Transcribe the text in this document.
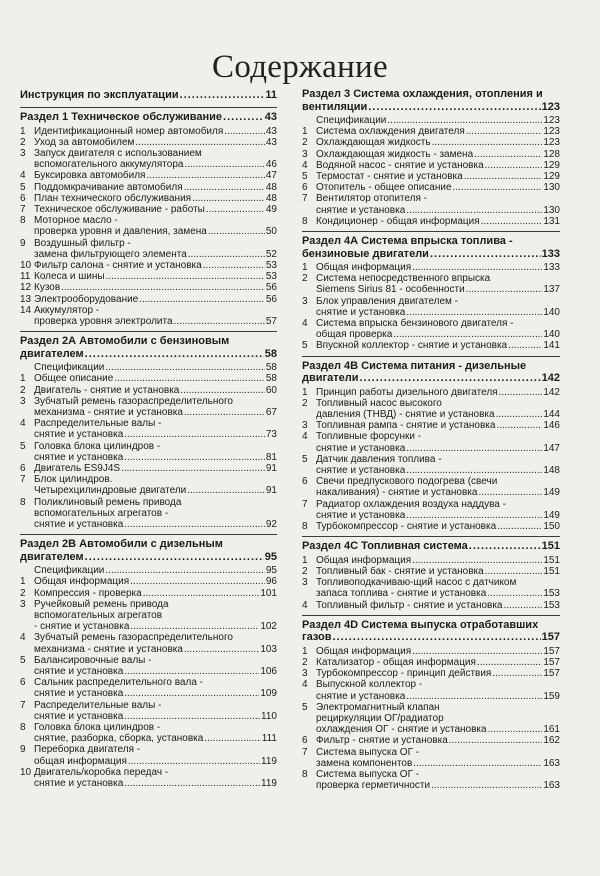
Содержание
Инструкция по эксплуатации .....	11
Раздел 1 Техническое обслуживание .....	43
1 Идентификационный номер автомобиля .....	43
2 Уход за автомобилем .....	43
3 Запуск двигателя с использованием
вспомогательного аккумулятора .....	46
4 Буксировка автомобиля .....	47
5 Поддомкрачивание автомобиля .....	48
6 План технического обслуживания .....	48
7 Техническое обслуживание - работы .....	49
8 Моторное масло -
проверка уровня и давления, замена .....	50
9 Воздушный фильтр -
замена фильтрующего элемента .....	52
10 Фильтр салона - снятие и установка .....	53
11 Колеса и шины .....	53
12 Кузов .....	56
13 Электрооборудование .....	56
14 Аккумулятор -
проверка уровня электролита .....	57
Раздел 2А Автомобили с бензиновым
двигателем .....	58
Спецификации .....	58
1 Общее описание .....	58
2 Двигатель - снятие и установка .....	60
3 Зубчатый ремень газораспределительного
механизма - снятие и установка .....	67
4 Распределительные валы -
снятие и установка .....	73
5 Головка блока цилиндров -
снятие и установка .....	81
6 Двигатель ES9J4S .....	91
7 Блок цилиндров.
Четырехцилиндровые двигатели .....	91
8 Поликлиновый ремень привода
вспомогательных агрегатов -
снятие и установка .....	92
Раздел 2В Автомобили с дизельным
двигателем .....	95
Спецификации .....	95
1 Общая информация .....	96
2 Компрессия - проверка .....	101
3 Ручейковый ремень привода
вспомогательных агрегатов
- снятие и установка .....	102
4 Зубчатый ремень газораспределительного
механизма - снятие и установка .....	103
5 Балансировочные валы -
снятие и установка .....	106
6 Сальник распределительного вала -
снятие и установка .....	109
7 Распределительные валы -
снятие и установка .....	110
8 Головка блока цилиндров -
снятие, разборка, сборка, установка .....	111
9 Переборка двигателя -
общая информация .....	119
10 Двигатель/коробка передач -
снятие и установка .....	119
Раздел 3 Система охлаждения, отопления и
вентиляции .....	123
Спецификации .....	123
1 Система охлаждения двигателя .....	123
2 Охлаждающая жидкость .....	123
3 Охлаждающая жидкость - замена .....	128
4 Водяной насос - снятие и установка .....	129
5 Термостат - снятие и установка .....	129
6 Отопитель - общее описание .....	130
7 Вентилятор отопителя -
снятие и установка .....	130
8 Кондиционер - общая информация .....	131
Раздел 4А Система впрыска топлива -
бензиновые двигатели .....	133
1 Общая информация .....	133
2 Система непосредственного впрыска
Siemens Sirius 81 - особенности .....	137
3 Блок управления двигателем -
снятие и установка .....	140
4 Система впрыска бензинового двигателя -
общая проверка .....	140
5 Впускной коллектор - снятие и установка .....	141
Раздел 4В Система питания - дизельные
двигатели .....	142
1 Принцип работы дизельного двигателя .....	142
2 Топливный насос высокого
давления (ТНВД) - снятие и установка .....	144
3 Топливная рампа - снятие и установка .....	146
4 Топливные форсунки -
снятие и установка .....	147
5 Датчик давления топлива -
снятие и установка .....	148
6 Свечи предпускового подогрева (свечи
накаливания) - снятие и установка .....	149
7 Радиатор охлаждения воздуха наддува -
снятие и установка .....	149
8 Турбокомпрессор - снятие и установка .....	150
Раздел 4С Топливная система .....	151
1 Общая информация .....	151
2 Топливный бак - снятие и установка .....	151
3 Топливоподкачиваю-щий насос с датчиком
запаса топлива - снятие и установка .....	153
4 Топливный фильтр - снятие и установка .....	153
Раздел 4D Система выпуска отработавших
газов .....	157
1 Общая информация .....	157
2 Катализатор - общая информация .....	157
3 Турбокомпрессор - принцип действия .....	157
4 Выпускной коллектор -
снятие и установка .....	159
5 Электромагнитный клапан
рециркуляции ОГ/радиатор
охлаждения ОГ - снятие и установка .....	161
6 Фильтр - снятие и установка .....	162
7 Система выпуска ОГ -
замена компонентов .....	163
8 Система выпуска ОГ -
проверка герметичности .....	163
